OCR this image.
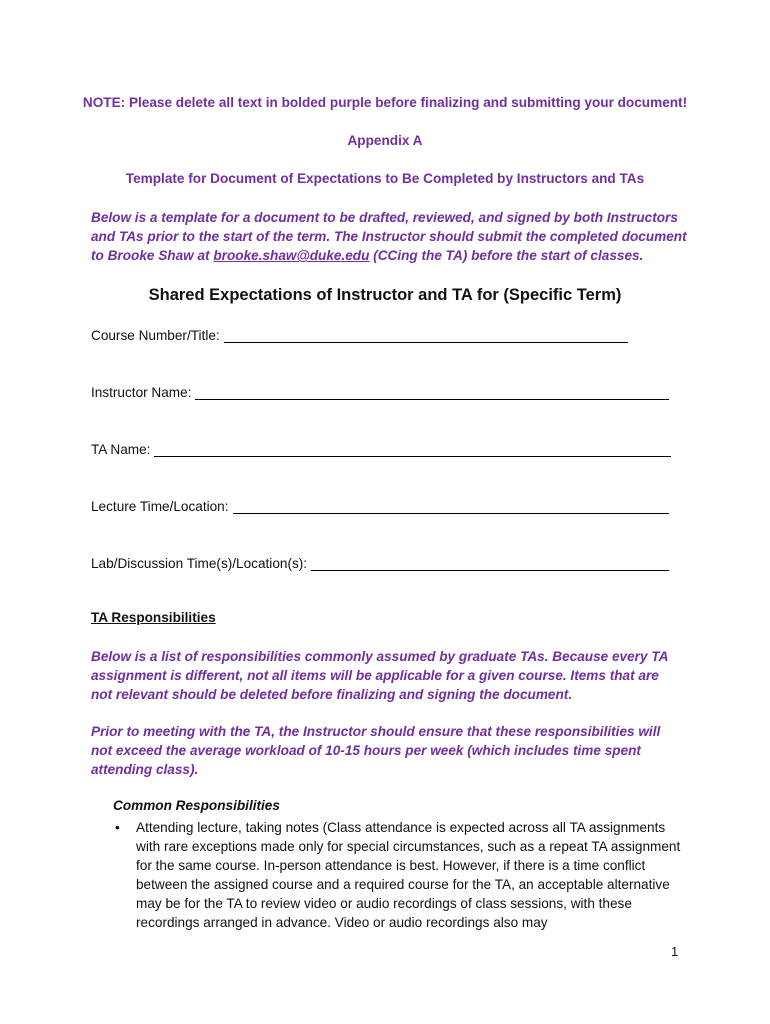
NOTE: Please delete all text in bolded purple before finalizing and submitting your document!
Appendix A
Template for Document of Expectations to Be Completed by Instructors and TAs
Below is a template for a document to be drafted, reviewed, and signed by both Instructors and TAs prior to the start of the term. The Instructor should submit the completed document to Brooke Shaw at brooke.shaw@duke.edu (CCing the TA) before the start of classes.
Shared Expectations of Instructor and TA for (Specific Term)
Course Number/Title:
Instructor Name:
TA Name:
Lecture Time/Location:
Lab/Discussion Time(s)/Location(s):
TA Responsibilities
Below is a list of responsibilities commonly assumed by graduate TAs. Because every TA assignment is different, not all items will be applicable for a given course. Items that are not relevant should be deleted before finalizing and signing the document.
Prior to meeting with the TA, the Instructor should ensure that these responsibilities will not exceed the average workload of 10-15 hours per week (which includes time spent attending class).
Common Responsibilities
• Attending lecture, taking notes (Class attendance is expected across all TA assignments with rare exceptions made only for special circumstances, such as a repeat TA assignment for the same course. In-person attendance is best. However, if there is a time conflict between the assigned course and a required course for the TA, an acceptable alternative may be for the TA to review video or audio recordings of class sessions, with these recordings arranged in advance. Video or audio recordings also may
1
